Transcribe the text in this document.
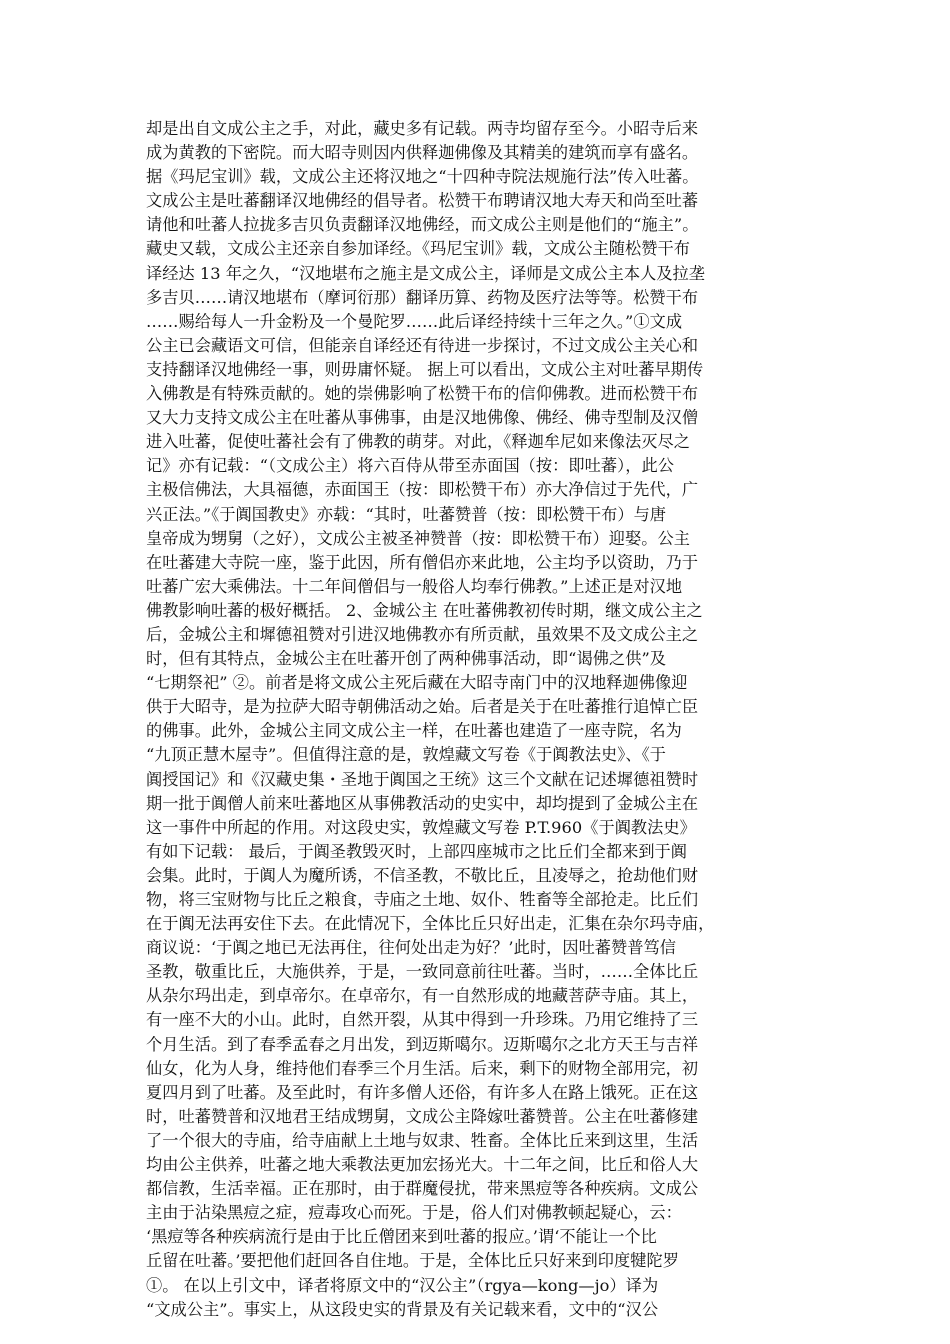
却是出自文成公主之手，对此，藏史多有记载。两寺均留存至今。小昭寺后来
成为黄教的下密院。而大昭寺则因内供释迦佛像及其精美的建筑而享有盛名。
据《玛尼宝训》载，文成公主还将汉地之“十四种寺院法规施行法”传入吐蕃。
文成公主是吐蕃翻译汉地佛经的倡导者。松赞干布聘请汉地大寿天和尚至吐蕃
请他和吐蕃人拉拢多吉贝负责翻译汉地佛经，而文成公主则是他们的“施主”。
藏史又载，文成公主还亲自参加译经。《玛尼宝训》载，文成公主随松赞干布
译经达 13 年之久，“汉地堪布之施主是文成公主，译师是文成公主本人及拉垄
多吉贝……请汉地堪布（摩诃衍那）翻译历算、药物及医疗法等等。松赞干布
……赐给每人一升金粉及一个曼陀罗……此后译经持续十三年之久。”①文成
公主已会藏语文可信，但能亲自译经还有待进一步探讨，不过文成公主关心和
支持翻译汉地佛经一事，则毋庸怀疑。 据上可以看出，文成公主对吐蕃早期传
入佛教是有特殊贡献的。她的崇佛影响了松赞干布的信仰佛教。进而松赞干布
又大力支持文成公主在吐蕃从事佛事，由是汉地佛像、佛经、佛寺型制及汉僧
进入吐蕃，促使吐蕃社会有了佛教的萌芽。对此，《释迦牟尼如来像法灭尽之
记》亦有记载：“（文成公主）将六百侍从带至赤面国（按：即吐蕃），此公
主极信佛法，大具福德，赤面国王（按：即松赞干布）亦大净信过于先代，广
兴正法。”《于阗国教史》亦载：“其时，吐蕃赞普（按：即松赞干布）与唐
皇帝成为甥舅（之好），文成公主被圣神赞普（按：即松赞干布）迎娶。公主
在吐蕃建大寺院一座，鉴于此因，所有僧侣亦来此地，公主均予以资助，乃于
吐蕃广宏大乘佛法。十二年间僧侣与一般俗人均奉行佛教。”上述正是对汉地
佛教影响吐蕃的极好概括。 2、金城公主 在吐蕃佛教初传时期，继文成公主之
后，金城公主和墀德祖赞对引进汉地佛教亦有所贡献，虽效果不及文成公主之
时，但有其特点，金城公主在吐蕃开创了两种佛事活动，即“谒佛之供”及
“七期祭祀” ②。前者是将文成公主死后藏在大昭寺南门中的汉地释迦佛像迎
供于大昭寺，是为拉萨大昭寺朝佛活动之始。后者是关于在吐蕃推行追悼亡臣
的佛事。此外，金城公主同文成公主一样，在吐蕃也建造了一座寺院，名为
“九顶正慧木屋寺”。但值得注意的是，敦煌藏文写卷《于阗教法史》、《于
阗授国记》和《汉藏史集・圣地于阗国之王统》这三个文献在记述墀德祖赞时
期一批于阗僧人前来吐蕃地区从事佛教活动的史实中，却均提到了金城公主在
这一事件中所起的作用。对这段史实，敦煌藏文写卷 P.T.960《于阗教法史》
有如下记载： 最后，于阗圣教毁灭时，上部四座城市之比丘们全都来到于阗
会集。此时，于阗人为魔所诱，不信圣教，不敬比丘，且凌辱之，抢劫他们财
物，将三宝财物与比丘之粮食，寺庙之土地、奴仆、牲畜等全部抢走。比丘们
在于阗无法再安住下去。在此情况下，全体比丘只好出走，汇集在杂尔玛寺庙，
商议说：‘于阗之地已无法再住，往何处出走为好？’此时，因吐蕃赞普笃信
圣教，敬重比丘，大施供养，于是，一致同意前往吐蕃。当时，……全体比丘
从杂尔玛出走，到卓帝尔。在卓帝尔，有一自然形成的地藏菩萨寺庙。其上，
有一座不大的小山。此时，自然开裂，从其中得到一升珍珠。乃用它维持了三
个月生活。到了春季孟春之月出发，到迈斯噶尔。迈斯噶尔之北方天王与吉祥
仙女，化为人身，维持他们春季三个月生活。后来，剩下的财物全部用完，初
夏四月到了吐蕃。及至此时，有许多僧人还俗，有许多人在路上饿死。正在这
时，吐蕃赞普和汉地君王结成甥舅，文成公主降嫁吐蕃赞普。公主在吐蕃修建
了一个很大的寺庙，给寺庙献上土地与奴隶、牲畜。全体比丘来到这里，生活
均由公主供养，吐蕃之地大乘教法更加宏扬光大。十二年之间，比丘和俗人大
都信教，生活幸福。正在那时，由于群魔侵扰，带来黑痘等各种疾病。文成公
主由于沾染黑痘之症，痘毒攻心而死。于是，俗人们对佛教顿起疑心，云：
‘黑痘等各种疾病流行是由于比丘僧团来到吐蕃的报应。’谓‘不能让一个比
丘留在吐蕃。’要把他们赶回各自住地。于是，全体比丘只好来到印度犍陀罗
①。 在以上引文中，译者将原文中的“汉公主”（rgya—kong—jo）译为
“文成公主”。事实上，从这段史实的背景及有关记载来看，文中的“汉公
